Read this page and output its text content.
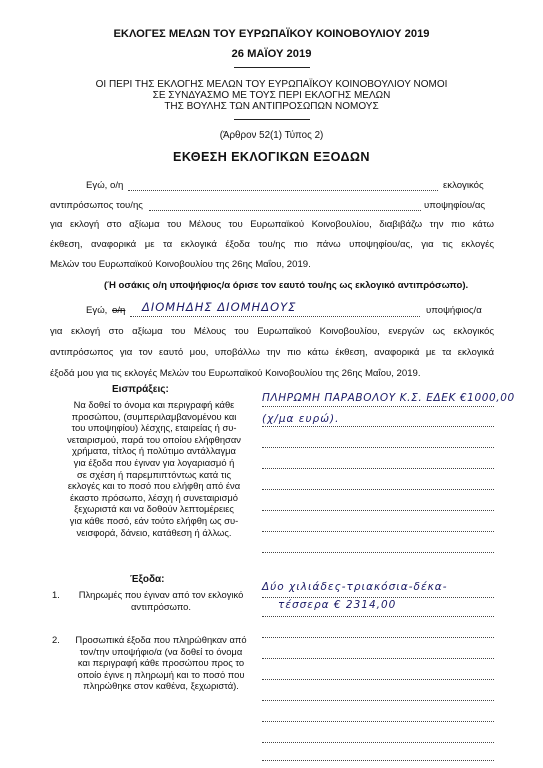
ΕΚΛΟΓΕΣ ΜΕΛΩΝ ΤΟΥ ΕΥΡΩΠΑΪΚΟΥ ΚΟΙΝΟΒΟΥΛΙΟΥ 2019
26 ΜΑΪΟΥ 2019
ΟΙ ΠΕΡΙ ΤΗΣ ΕΚΛΟΓΗΣ ΜΕΛΩΝ ΤΟΥ ΕΥΡΩΠΑΪΚΟΥ ΚΟΙΝΟΒΟΥΛΙΟΥ ΝΟΜΟΙ
ΣΕ ΣΥΝΔΥΑΣΜΟ ΜΕ ΤΟΥΣ ΠΕΡΙ ΕΚΛΟΓΗΣ ΜΕΛΩΝ
ΤΗΣ ΒΟΥΛΗΣ ΤΩΝ ΑΝΤΙΠΡΟΣΩΠΩΝ ΝΟΜΟΥΣ
(Άρθρον 52(1) Τύπος 2)
ΕΚΘΕΣΗ ΕΚΛΟΓΙΚΩΝ ΕΞΟΔΩΝ
Εγώ, ο/η	εκλογικός
αντιπρόσωπος του/ης	υποψηφίου/ας
για εκλογή στο αξίωμα του Μέλους του Ευρωπαϊκού Κοινοβουλίου, διαβιβάζω την πιο κάτω
έκθεση, αναφορικά με τα εκλογικά έξοδα του/ης πιο πάνω υποψηφίου/ας, για τις εκλογές
Μελών του Ευρωπαϊκού Κοινοβουλίου της 26ης Μαΐου, 2019.
(Ή οσάκις ο/η υποψήφιος/α όρισε τον εαυτό του/ης ως εκλογικό αντιπρόσωπο).
Εγώ, ο/η ΔΙΟΜΗΔΗΣ ΔΙΟΜΗΔΟΥΣ	υποψήφιος/α
για εκλογή στο αξίωμα του Μέλους του Ευρωπαϊκού Κοινοβουλίου, ενεργών ως εκλογικός
αντιπρόσωπος για τον εαυτό μου, υποβάλλω την πιο κάτω έκθεση, αναφορικά με τα εκλογικά
έξοδά μου για τις εκλογές Μελών του Ευρωπαϊκού Κοινοβουλίου της 26ης Μαΐου, 2019.
Εισπράξεις:
Να δοθεί το όνομα και περιγραφή κάθε
προσώπου, (συμπεριλαμβανομένου και
του υποψηφίου) λέσχης, εταιρείας ή συ-
νεταιρισμού, παρά του οποίου ελήφθησαν
χρήματα, τίτλος ή πολύτιμο αντάλλαγμα
για έξοδα που έγιναν για λογαριασμό ή
σε σχέση ή παρεμπιπτόντως κατά τις
εκλογές και το ποσό που ελήφθη από ένα
έκαστο πρόσωπο, λέσχη ή συνεταιρισμό
ξεχωριστά και να δοθούν λεπτομέρειες
για κάθε ποσό, εάν τούτο ελήφθη ως συ-
νεισφορά, δάνειο, κατάθεση ή άλλως.
ΠΛΗΡΩΜΗ ΠΑΡΑΒΟΛΟΥ Κ.Σ. ΕΔΕΚ €1000,00
(χ/μα ευρώ).
Έξοδα:
1.	Πληρωμές που έγιναν από τον εκλογικό
αντιπρόσωπο.
Δύο χιλιάδες-τριακόσια-δέκα-
τέσσερα € 2314,00
2.	Προσωπικά έξοδα που πληρώθηκαν από
τον/την υποψήφιο/α (να δοθεί το όνομα
και περιγραφή κάθε προσώπου προς το
οποίο έγινε η πληρωμή και το ποσό που
πληρώθηκε στον καθένα, ξεχωριστά).
